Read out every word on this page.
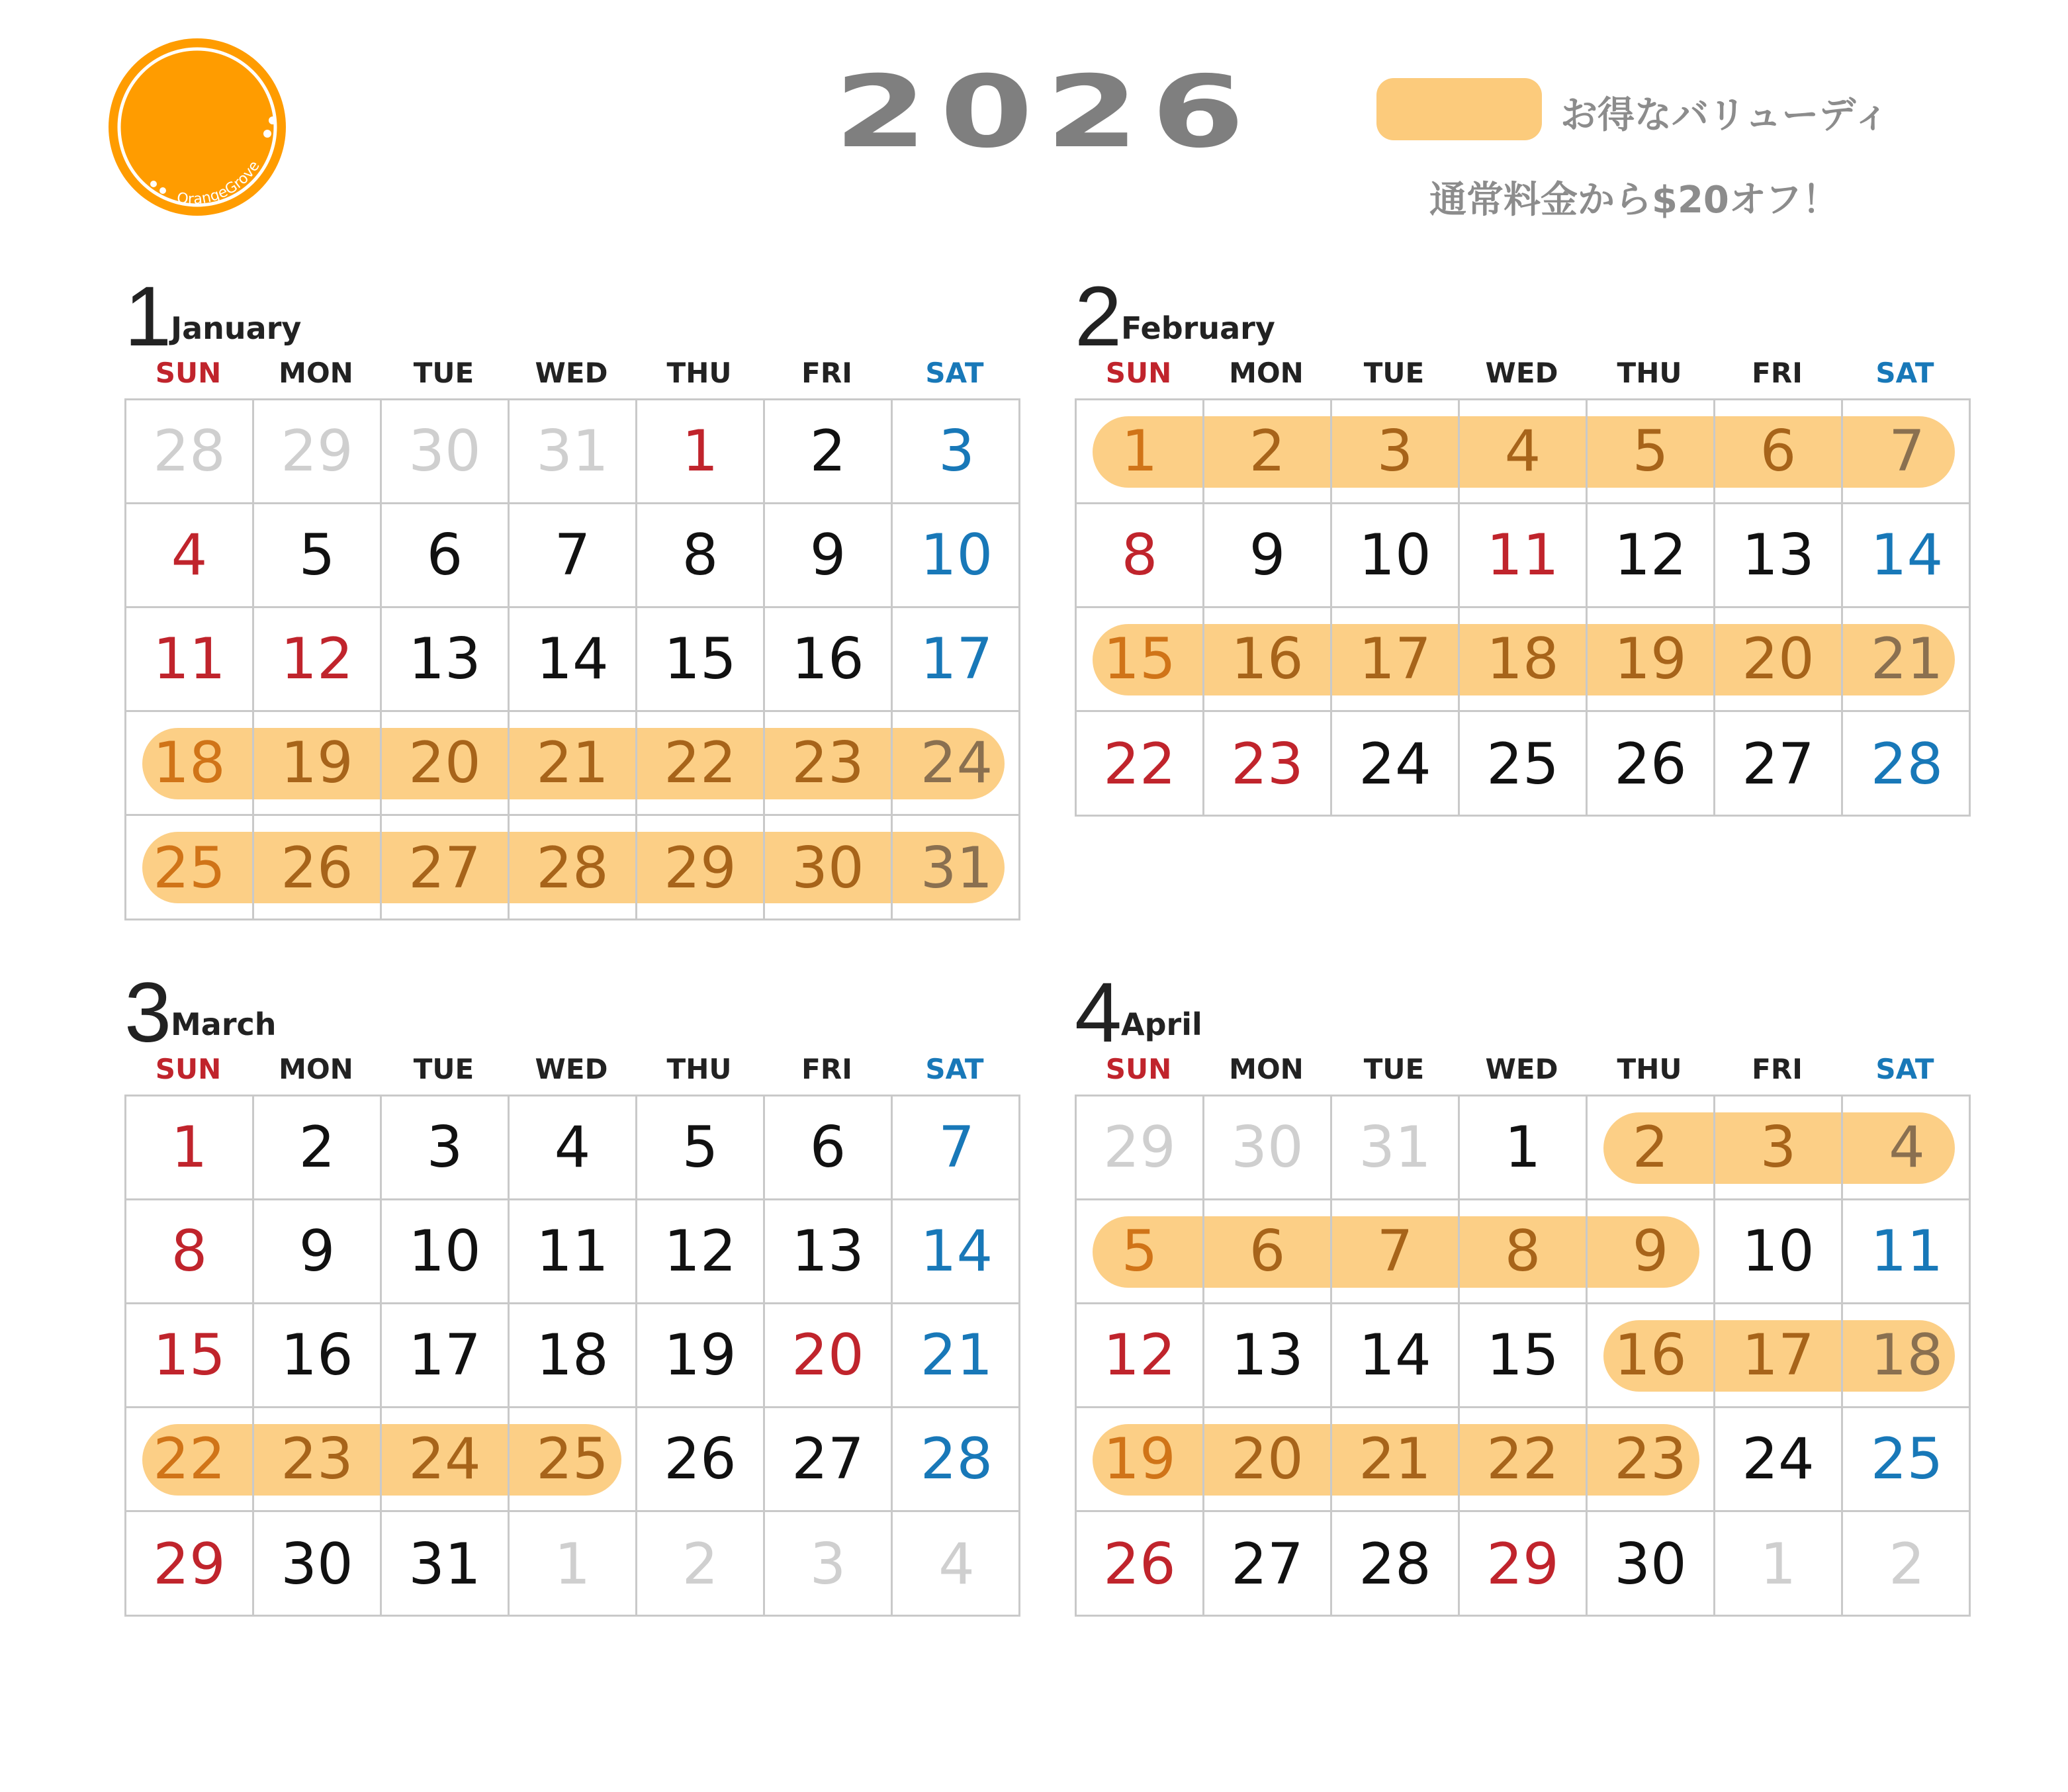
OrangeGrove	2026	お得なバリューディ
通常料金から$20オフ！
1
January
SUN	MON	TUE	WED	THU	FRI	SAT
28 29 30 31 1 2 3
4 5 6 7 8 9 10
11 12 13 14 15 16 17
18 19 20 21 22 23 24
25 26 27 28 29 30 31
2
February
SUN	MON	TUE	WED	THU	FRI	SAT
1 2 3 4 5 6 7
8 9 10 11 12 13 14
15 16 17 18 19 20 21
22 23 24 25 26 27 28
3
March
SUN	MON	TUE	WED	THU	FRI	SAT
1 2 3 4 5 6 7
8 9 10 11 12 13 14
15 16 17 18 19 20 21
22 23 24 25 26 27 28
29 30 31 1 2 3 4
4
April
SUN	MON	TUE	WED	THU	FRI	SAT
29 30 31 1 2 3 4
5 6 7 8 9 10 11
12 13 14 15 16 17 18
19 20 21 22 23 24 25
26 27 28 29 30 1 2
